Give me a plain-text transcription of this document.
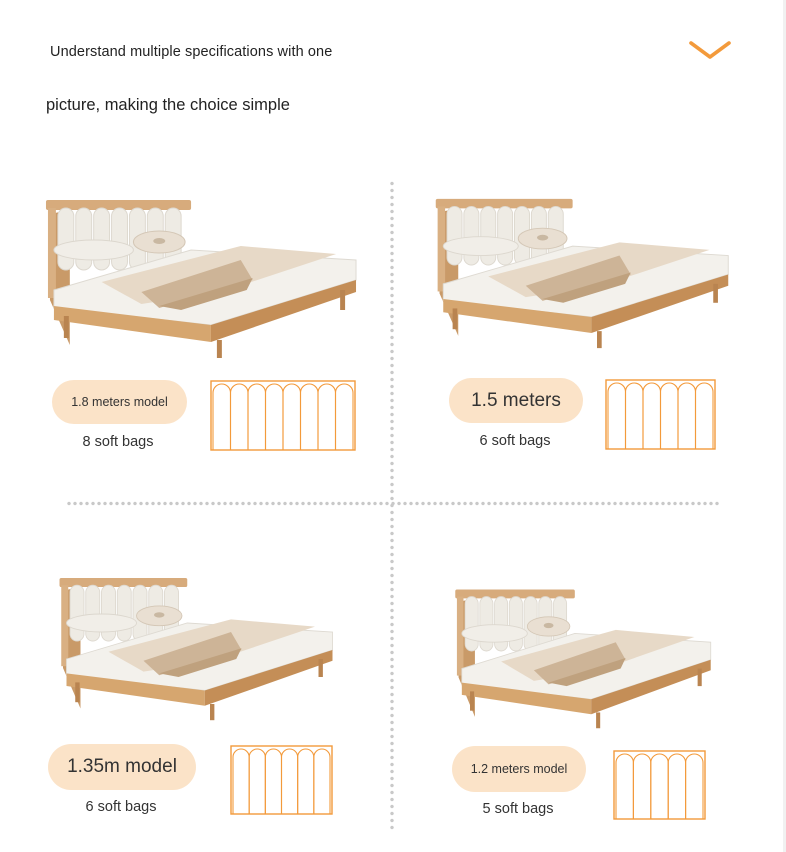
Understand multiple specifications with one
picture, making the choice simple
1.8 meters model
8 soft bags
1.5 meters
6 soft bags
1.35m model
6 soft bags
1.2 meters model
5 soft bags
